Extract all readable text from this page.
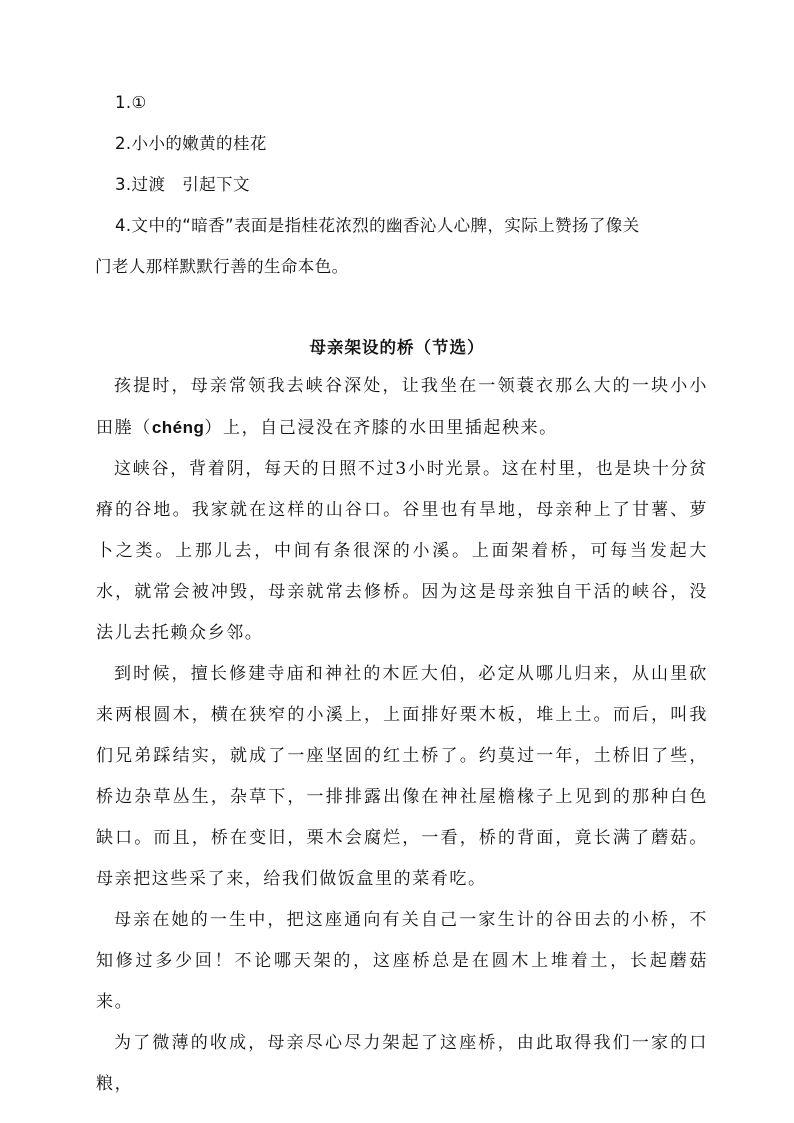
1.①
2.小小的嫩黄的桂花
3.过渡　引起下文
4.文中的“暗香”表面是指桂花浓烈的幽香沁人心脾，实际上赞扬了像关
门老人那样默默行善的生命本色。
母亲架设的桥（节选）

孩提时，母亲常领我去峡谷深处，让我坐在一领蓑衣那么大的一块小小田塍（chéng）上，自己浸没在齐膝的水田里插起秧来。

这峡谷，背着阴，每天的日照不过3小时光景。这在村里，也是块十分贫瘠的谷地。我家就在这样的山谷口。谷里也有旱地，母亲种上了甘薯、萝卜之类。上那儿去，中间有条很深的小溪。上面架着桥，可每当发起大水，就常会被冲毁，母亲就常去修桥。因为这是母亲独自干活的峡谷，没法儿去托赖众乡邻。

到时候，擅长修建寺庙和神社的木匠大伯，必定从哪儿归来，从山里砍来两根圆木，横在狭窄的小溪上，上面排好栗木板，堆上土。而后，叫我们兄弟踩结实，就成了一座坚固的红土桥了。约莫过一年，土桥旧了些，桥边杂草丛生，杂草下，一排排露出像在神社屋檐椽子上见到的那种白色缺口。而且，桥在变旧，栗木会腐烂，一看，桥的背面，竟长满了蘑菇。母亲把这些采了来，给我们做饭盒里的菜肴吃。

母亲在她的一生中，把这座通向有关自己一家生计的谷田去的小桥，不知修过多少回！不论哪天架的，这座桥总是在圆木上堆着土，长起蘑菇来。

为了微薄的收成，母亲尽心尽力架起了这座桥，由此取得我们一家的口粮，
